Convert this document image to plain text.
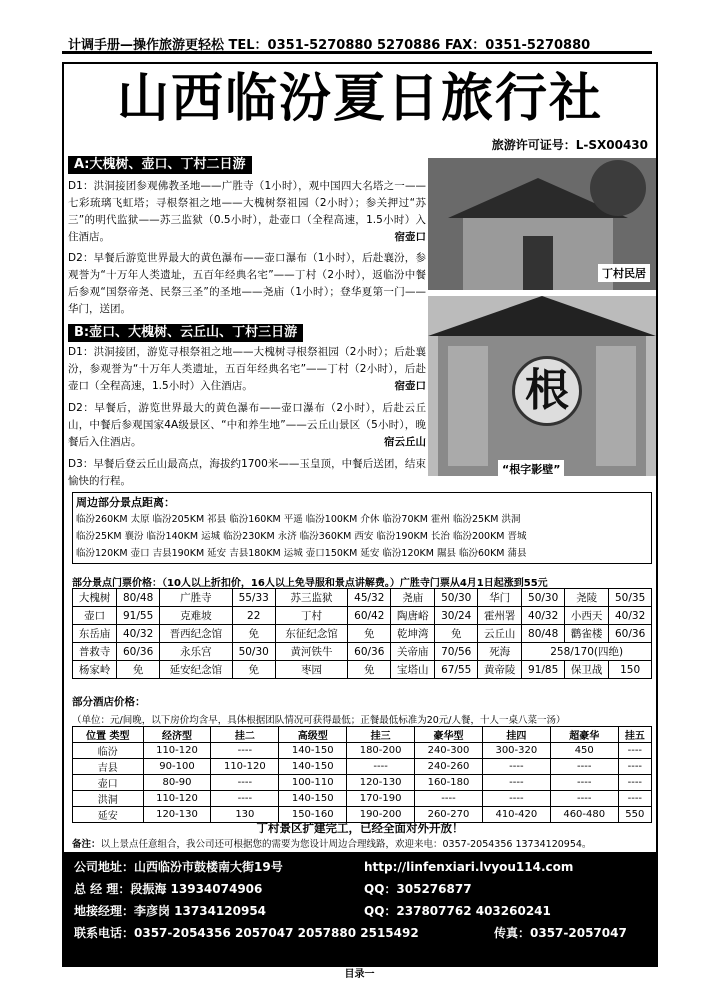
计调手册—操作旅游更轻松 TEL：0351-5270880 5270886 FAX：0351-5270880
山西临汾夏日旅行社
旅游许可证号：L-SX00430
A:大槐树、壶口、丁村二日游
D1：洪洞接团参观佛教圣地——广胜寺（1小时），观中国四大名塔之一——七彩琉璃飞虹塔；寻根祭祖之地——大槐树祭祖园（2小时）；参关押过“苏三”的明代监狱——苏三监狱（0.5小时），赴壶口（全程高速，1.5小时）入住酒店。	宿壶口
D2：早餐后游览世界最大的黄色瀑布——壶口瀑布（1小时），后赴襄汾，参观誉为“十万年人类遗址，五百年经典名宅”——丁村（2小时），返临汾中餐后参观“国祭帝尧、民祭三圣”的圣地——尧庙（1小时）；登华夏第一门——华门，送团。
B:壶口、大槐树、云丘山、丁村三日游
D1：洪洞接团，游览寻根祭祖之地——大槐树寻根祭祖园（2小时）；后赴襄汾，参观誉为“十万年人类遗址，五百年经典名宅”——丁村（2小时），后赴壶口（全程高速，1.5小时）入住酒店。	宿壶口
D2：早餐后，游览世界最大的黄色瀑布——壶口瀑布（2小时），后赴云丘山，中餐后参观国家4A级景区、“中和养生地”——云丘山景区（5小时），晚餐后入住酒店。	宿云丘山
D3：早餐后登云丘山最高点，海拔约1700米——玉皇顶，中餐后送团，结束愉快的行程。
丁村民居
根
“根字影壁”
周边部分景点距离：
临汾260KM 太原 临汾205KM 祁县 临汾160KM 平遥 临汾100KM 介休 临汾70KM 霍州 临汾25KM 洪洞
临汾25KM 襄汾 临汾140KM 运城 临汾230KM 永济 临汾360KM 西安 临汾190KM 长治 临汾200KM 晋城
临汾120KM 壶口 吉县190KM 延安 吉县180KM 运城 壶口150KM 延安 临汾120KM 隰县 临汾60KM 蒲县
部分景点门票价格：（10人以上折扣价，16人以上免导服和景点讲解费。）广胜寺门票从4月1日起涨到55元
大槐树	80/48	广胜寺	55/33	苏三监狱	45/32	尧庙	50/30	华门	50/30	尧陵	50/35
壶口	91/55	克难坡	22	丁村	60/42	陶唐峪	30/24	霍州署	40/32	小西天	40/32
东岳庙	40/32	晋西纪念馆	免	东征纪念馆	免	乾坤湾	免	云丘山	80/48	鹳雀楼	60/36
普救寺	60/36	永乐宫	50/30	黄河铁牛	60/36	关帝庙	70/56	死海	258/170(四绝)		
杨家岭	免	延安纪念馆	免	枣园	免	宝塔山	67/55	黄帝陵	91/85	保卫战	150
部分酒店价格：
（单位：元/间晚，以下房价均含早，具体根据团队情况可获得最低；正餐最低标准为20元/人餐，十人一桌八菜一汤）
位置 类型	经济型	挂二	高级型	挂三	豪华型	挂四	超豪华	挂五
临汾	110-120	----	140-150	180-200	240-300	300-320	450	----
吉县	90-100	110-120	140-150	----	240-260	----	----	----
壶口	80-90	----	100-110	120-130	160-180	----	----	----
洪洞	110-120	----	140-150	170-190	----	----	----	----
延安	120-130	130	150-160	190-200	260-270	410-420	460-480	550
丁村景区扩建完工，已经全面对外开放！
备注：以上景点任意组合，我公司还可根据您的需要为您设计周边合理线路，欢迎来电：0357-2054356 13734120954。
公司地址：山西临汾市鼓楼南大街19号	http://linfenxiari.lvyou114.com
总 经 理：段振海 13934074906	QQ：305276877
地接经理：李彦岗 13734120954	QQ：237807762 403260241
联系电话：0357-2054356 2057047 2057880 2515492	传真：0357-2057047
目录一
